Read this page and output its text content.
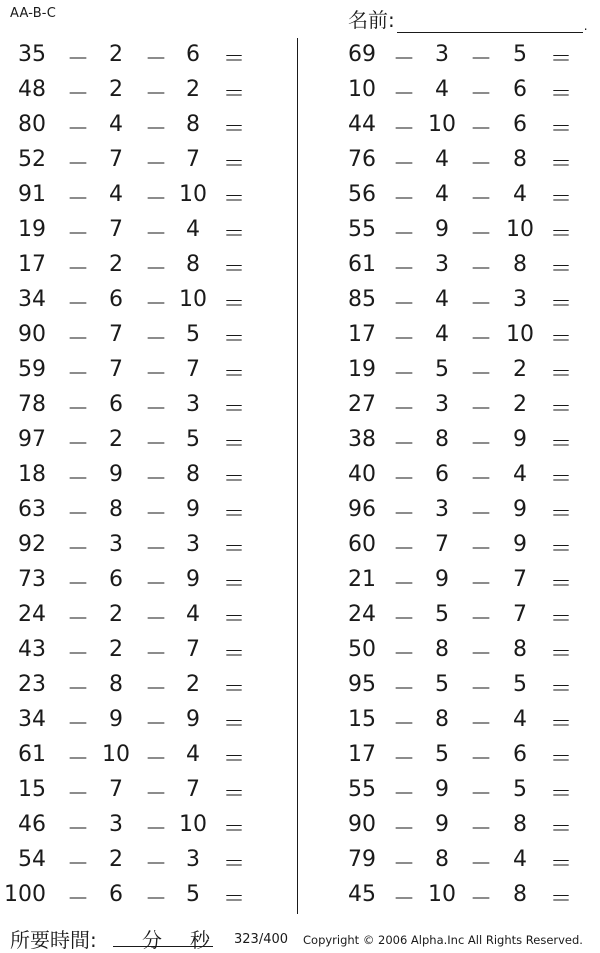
AA-B-C	名前:	.
35 － 2	－ 6	＝
48 － 2	－ 2	＝
80 － 4	－ 8	＝
52 － 7	－ 7	＝
91 － 4	－ 10 ＝
19 － 7	－ 4	＝
17 － 2	－ 8	＝
34 － 6	－ 10 ＝
90 － 7	－ 5	＝
59 － 7	－ 7	＝
78 － 6	－ 3	＝
97 － 2	－ 5	＝
18 － 9	－ 8	＝
63 － 8	－ 9	＝
92 － 3	－ 3	＝
73 － 6	－ 9	＝
24 － 2	－ 4	＝
43 － 2	－ 7	＝
23 － 8	－ 2	＝
34 － 9	－ 9	＝
61 － 10 － 4	＝
15 － 7	－ 7	＝
46 － 3	－ 10 ＝
54 － 2	－ 3	＝
100 － 6	－ 5	＝
69 － 3 － 5	＝
10 － 4 － 6	＝
44 － 10 － 6	＝
76 － 4 － 8	＝
56 － 4 － 4	＝
55 － 9 － 10 ＝
61 － 3 － 8	＝
85 － 4 － 3	＝
17 － 4 － 10 ＝
19 － 5 － 2	＝
27 － 3 － 2	＝
38 － 8 － 9	＝
40 － 6 － 4	＝
96 － 3 － 9	＝
60 － 7 － 9	＝
21 － 9 － 7	＝
24 － 5 － 7	＝
50 － 8 － 8	＝
95 － 5 － 5	＝
15 － 8 － 4	＝
17 － 5 － 6	＝
55 － 9 － 5	＝
90 － 9 － 8	＝
79 － 8 － 4	＝
45 － 10 － 8	＝
所要時間: 分 秒 323/400 Copyright © 2006 Alpha.Inc All Rights Reserved.
